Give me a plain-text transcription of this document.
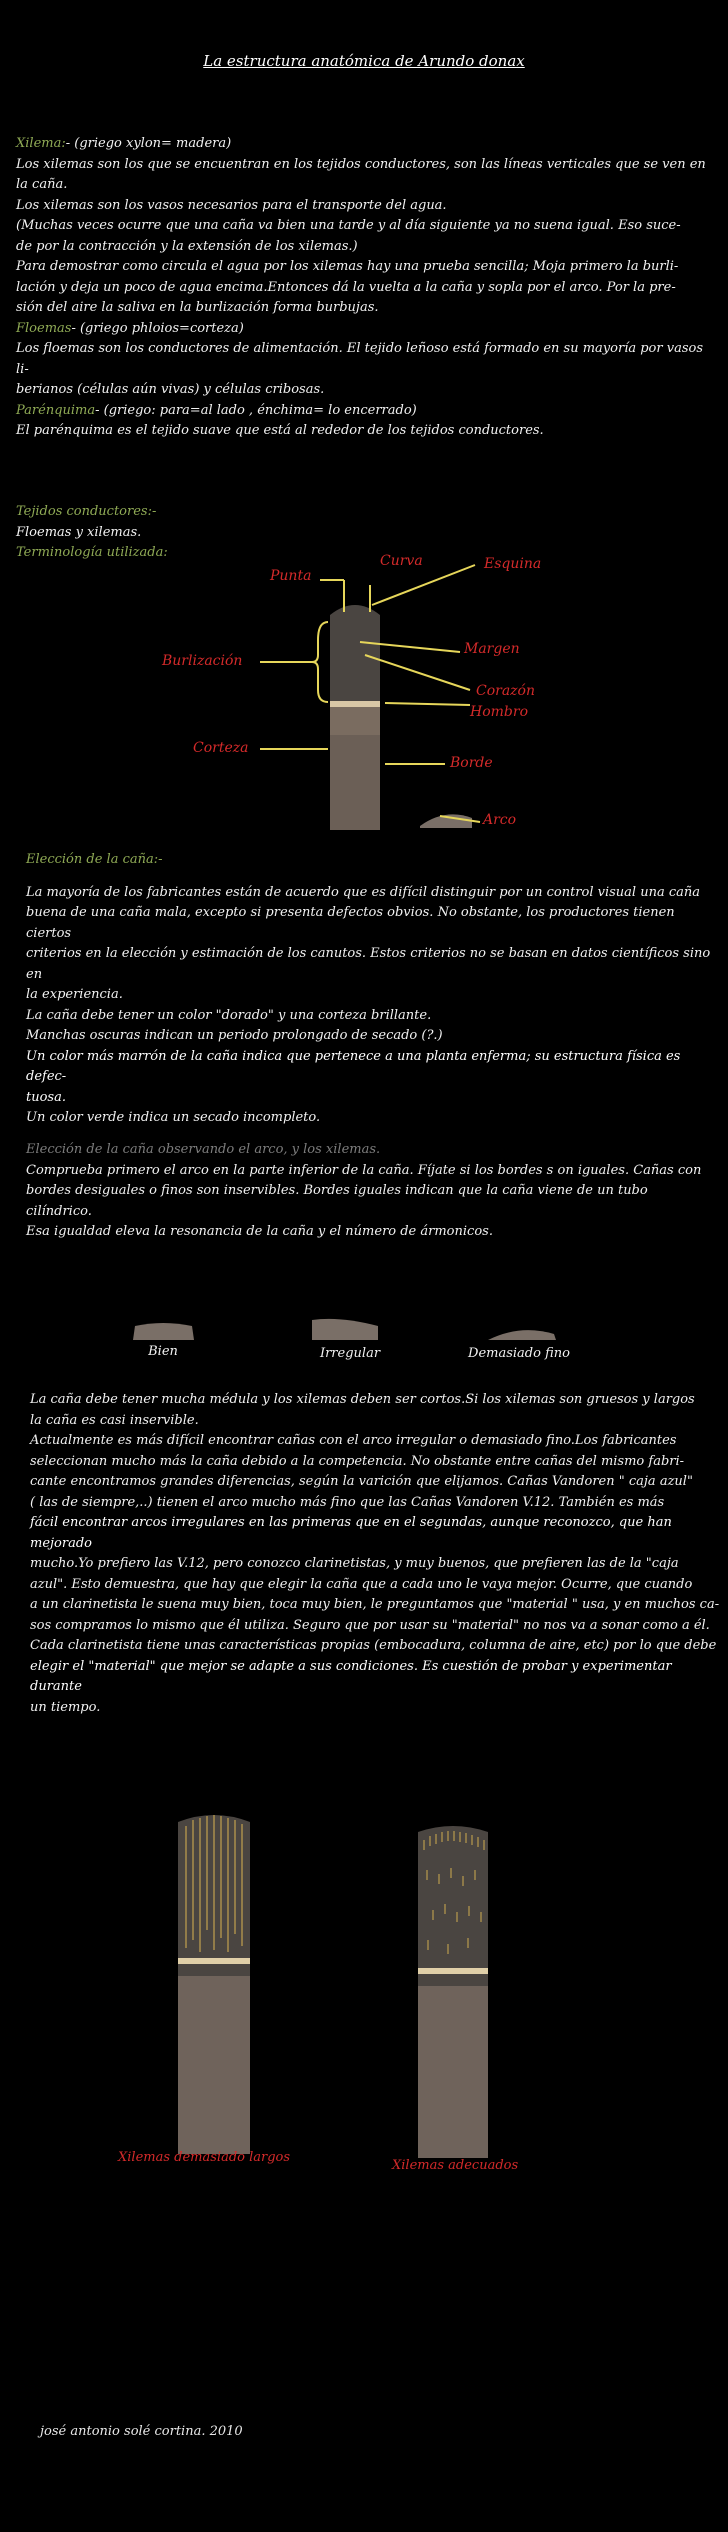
La estructura anatómica de Arundo donax
Xilema:- (griego xylon= madera)
Los xilemas son los que se encuentran en los tejidos conductores, son las líneas verticales que se ven en la caña.
Los xilemas son los vasos necesarios para el transporte del agua.
(Muchas veces ocurre que una caña va bien una tarde y al día siguiente ya no suena igual. Eso suce-
de por la contracción y la extensión de los xilemas.)
Para demostrar como circula el agua por los xilemas hay una prueba sencilla; Moja primero la burli-
lación y deja un poco de agua encima.Entonces dá la vuelta a la caña y sopla por el arco. Por la pre-
sión del aire la saliva en la burlización forma burbujas.
Floemas- (griego phloios=corteza)
Los floemas son los conductores de alimentación. El tejido leñoso está formado en su mayoría por vasos li-
berianos (células aún vivas) y células cribosas.
Parénquima- (griego: para=al lado , énchima= lo encerrado)
El parénquima es el tejido suave que está al rededor de los tejidos conductores.
Tejidos conductores:-
Floemas y xilemas.
Terminología utilizada:
Curva
Punta
Esquina
Margen
Burlización
Corazón
Hombro
Corteza
Borde
Arco
Elección de la caña:-
La mayoría de los fabricantes están de acuerdo que es difícil distinguir por un control visual una caña
buena de una caña mala, excepto si presenta defectos obvios. No obstante, los productores tienen ciertos
criterios en la elección y estimación de los canutos. Estos criterios no se basan en datos científicos sino en
la experiencia.
La caña debe tener un color "dorado" y una corteza brillante.
Manchas oscuras indican un periodo prolongado de secado (?.)
Un color más marrón de la caña indica que pertenece a una planta enferma; su estructura física es defec-
tuosa.
Un color verde indica un secado incompleto.
Elección de la caña observando el arco, y los xilemas.
Comprueba primero el arco en la parte inferior de la caña. Fíjate si los bordes s on iguales. Cañas con
bordes desiguales o finos son inservibles. Bordes iguales indican que la caña viene de un tubo cilíndrico.
Esa igualdad eleva la resonancia de la caña y el número de ármonicos.
Bien	Irregular	Demasiado fino
La caña debe tener mucha médula y los xilemas deben ser cortos.Si los xilemas son gruesos y largos
la caña es casi inservible.
Actualmente es más difícil encontrar cañas con el arco irregular o demasiado fino.Los fabricantes
seleccionan mucho más la caña debido a la competencia. No obstante entre cañas del mismo fabri-
cante encontramos grandes diferencias, según la varición que elijamos. Cañas Vandoren " caja azul"
( las de siempre,..) tienen el arco mucho más fino que las Cañas Vandoren V.12. También es más
fácil encontrar arcos irregulares en las primeras que en el segundas, aunque reconozco, que han mejorado
mucho.Yo prefiero las V.12, pero conozco clarinetistas, y muy buenos, que prefieren las de la "caja
azul". Esto demuestra, que hay que elegir la caña que a cada uno le vaya mejor. Ocurre, que cuando
a un clarinetista le suena muy bien, toca muy bien, le preguntamos que "material " usa, y en muchos ca-
sos compramos lo mismo que él utiliza. Seguro que por usar su "material" no nos va a sonar como a él.
Cada clarinetista tiene unas características propias (embocadura, columna de aire, etc) por lo que debe
elegir el "material" que mejor se adapte a sus condiciones. Es cuestión de probar y experimentar durante
un tiempo.
Xilemas demasiado largos
Xilemas adecuados
josé antonio solé cortina. 2010
